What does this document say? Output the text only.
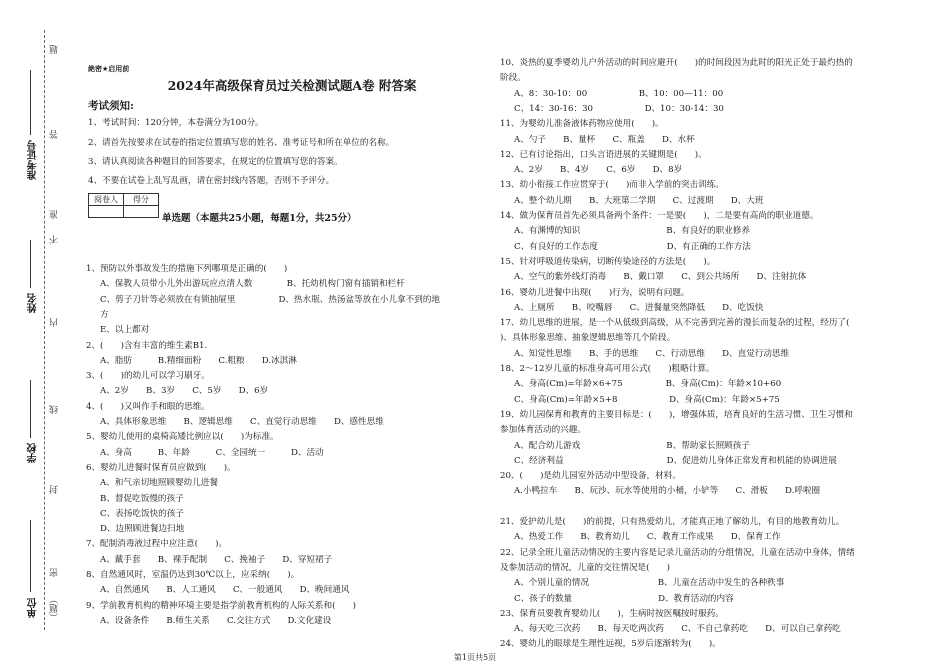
题
答
准
不
内
线
封
密
（题）
准考证号
姓名
学校
单位
絶密★启用前
2024年高级保育员过关检测试题A卷 附答案
考试须知:
1、考试时间：120分钟，本卷满分为100分。
2、请首先按要求在试卷的指定位置填写您的姓名、准考证号和所在单位的名称。
3、请认真阅读各种题目的回答要求，在规定的位置填写您的答案。
4、不要在试卷上乱写乱画，请在密封线内答题，否则不予评分。
阅卷人	得分

单选题（本题共25小题，每题1分，共25分）
1、预防以外事故发生的措施下列哪项是正确的(　　)
A、保教人员带小儿外出游玩应点清人数　　　　B、托幼机构门窗有插销和栏杆
C、剪子刀针等必须放在有锁抽屉里　　　　　D、热水瓶、热汤盆等放在小儿拿不到的地
方
E、以上都对
2、(　　)含有丰富的维生素B1.
A、脂肪　　　B.精细面粉　　C.粗粮　　D.冰淇淋
3、(　　)的幼儿可以学习刷牙。
A、2岁　　B、3岁　　C、5岁　　D、6岁
4、(　　)又叫作手和眼的思维。
A、具体形象思维　　B、逻辑思维　　C、直觉行动思维　　D、感性思维
5、婴幼儿使用的桌椅高矮比例应以(　　)为标准。
A、身高　　　B、年龄　　　C、全园统一　　　D、活动
6、婴幼儿进餐时保育员应做到(　　)。
A、和气亲切地照顾婴幼儿进餐
B、督促吃饭慢的孩子
C、表扬吃饭快的孩子
D、边照顾进餐边扫地
7、配制消毒液过程中应注意(　　)。
A、戴手套　　B、裸手配制　　C、挽袖子　　D、穿短裙子
8、自然通风时，室温仍达到30℃以上，应采纳(　　)。
A、自然通风　　B、人工通风　　C、一般通风　　D、晚间通风
9、学前教育机构的精神环境主要是指学前教育机构的人际关系和(　　)
A、设备条件　　B.师生关系　　C.交往方式　　D.文化建设
10、炎热的夏季婴幼儿户外活动的时间应避开(　　)的时间段因为此时的阳光正处于最灼热的
阶段。
A、8：30-10：00　　　　　　B、10：00—11：00
C、14：30-16：30　　　　　　D、10：30-14：30
11、为婴幼儿准备液体药物应使用(　　)。
A、勺子　　B、量杯　　C、瓶盖　　D、水杯
12、已有讨论指出，口头言语进展的关键期是(　　)。
A、2岁　　B、4岁　　C、6岁　　D、8岁
13、幼小衔接工作应贯穿于(　　)而非入学前的突击训练。
A、整个幼儿期　　B、大班第二学期　　C、过渡期　　D、大班
14、做为保育员首先必须具备两个条件：一是要(　　)，二是要有高尚的职业道德。
A、有渊博的知识　　　　　　　　　　B、有良好的职业修养
C、有良好的工作态度　　　　　　　　D、有正确的工作方法
15、针对呼吸道传染病，切断传染途径的方法是(　　)。
A、空气的紫外线灯消毒　　B、戴口罩　　C、到公共场所　　D、注射抗体
16、婴幼儿进餐中出现(　　)行为，说明有问题。
A、上厕所　　B、咬嘴唇　　C、进餐量突然降低　　D、吃饭快
17、幼儿思维的进展，是一个从低级到高级，从不完善到完善的漫长而复杂的过程，经历了(　　
)、具体形象思维、抽象逻辑思维等几个阶段。
A、知觉性思维　　B、手的思维　　C、行动思维　　D、直觉行动思维
18、2～12岁儿童的标准身高可用公式(　　)粗略计算。
A、身高(Cm)=年龄×6+75　　　　　B、身高(Cm)：年龄×10+60
C、身高(Cm)=年龄×5+8　　　　　　D、身高(Cm)：年龄×5+75
19、幼儿园保育和教育的主要目标是：(　　)，增强体质，培育良好的生活习惯、卫生习惯和
参加体育活动的兴趣。
A、配合幼儿游戏　　　　　　　　　　B、帮助家长照顾孩子
C、经济利益　　　　　　　　　　　　D、促进幼儿身体正常发育和机能的协调进展
20、(　　)是幼儿园室外活动中型设备，材料。
A.小鸭拉车　　B、玩沙、玩水等使用的小桶，小铲等　　C、滑板　　D.呼啦圈
21、爱护幼儿是(　　)的前提，只有热爱幼儿，才能真正地了解幼儿，有目的地教育幼儿。
A、热爱工作　　B、教育幼儿　　C、教育工作成果　　D、保育工作
22、记录全班儿童活动情况的主要内容是记录儿童活动的分组情况，儿童在活动中身体，情绪
及参加活动的情况，儿童的交往情况是(　　)
A、个别儿童的情况　　　　　　　　B、儿童在活动中发生的各种秩事
C、孩子的数量　　　　　　　　　　D、教育活动的内容
23、保育员要教育婴幼儿(　　)，生病时按医嘱按时服药。
A、每天吃三次药　　B、每天吃两次药　　C、不自己拿药吃　　D、可以自己拿药吃
24、婴幼儿的眼球是生理性远视，5岁后逐渐转为(　　)。
第1页共5页
